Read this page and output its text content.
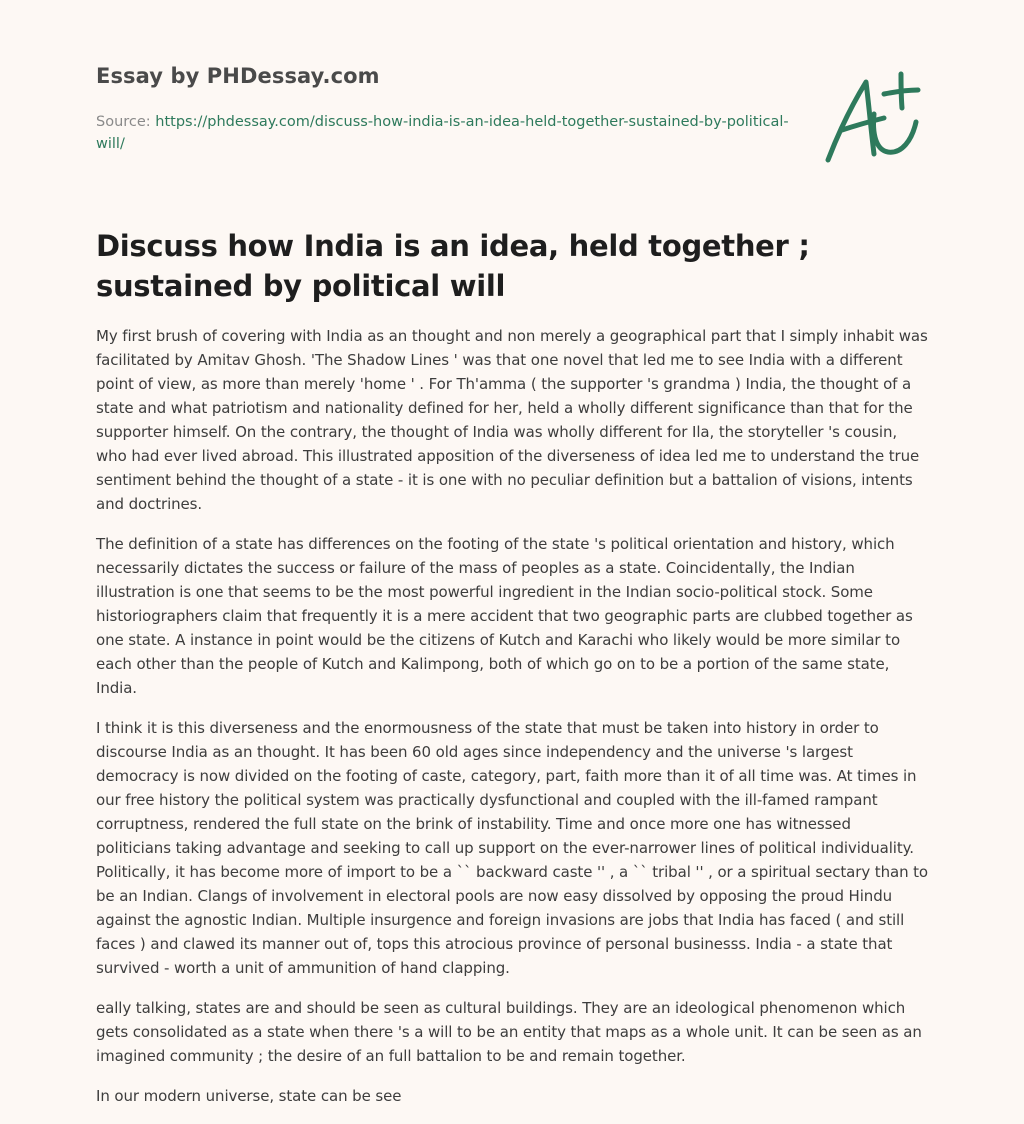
Essay by PHDessay.com
Source: https://phdessay.com/discuss-how-india-is-an-idea-held-together-sustained-by-political-will/
Discuss how India is an idea, held together ; sustained by political will

My first brush of covering with India as an thought and non merely a geographical part that I simply inhabit was facilitated by Amitav Ghosh. 'The Shadow Lines ' was that one novel that led me to see India with a different point of view, as more than merely 'home ' . For Th'amma ( the supporter 's grandma ) India, the thought of a state and what patriotism and nationality defined for her, held a wholly different significance than that for the supporter himself. On the contrary, the thought of India was wholly different for Ila, the storyteller 's cousin, who had ever lived abroad. This illustrated apposition of the diverseness of idea led me to understand the true sentiment behind the thought of a state - it is one with no peculiar definition but a battalion of visions, intents and doctrines.

The definition of a state has differences on the footing of the state 's political orientation and history, which necessarily dictates the success or failure of the mass of peoples as a state. Coincidentally, the Indian illustration is one that seems to be the most powerful ingredient in the Indian socio-political stock. Some historiographers claim that frequently it is a mere accident that two geographic parts are clubbed together as one state. A instance in point would be the citizens of Kutch and Karachi who likely would be more similar to each other than the people of Kutch and Kalimpong, both of which go on to be a portion of the same state, India.

I think it is this diverseness and the enormousness of the state that must be taken into history in order to discourse India as an thought. It has been 60 old ages since independency and the universe 's largest democracy is now divided on the footing of caste, category, part, faith more than it of all time was. At times in our free history the political system was practically dysfunctional and coupled with the ill-famed rampant corruptness, rendered the full state on the brink of instability. Time and once more one has witnessed politicians taking advantage and seeking to call up support on the ever-narrower lines of political individuality. Politically, it has become more of import to be a `` backward caste '' , a `` tribal '' , or a spiritual sectary than to be an Indian. Clangs of involvement in electoral pools are now easy dissolved by opposing the proud Hindu against the agnostic Indian. Multiple insurgence and foreign invasions are jobs that India has faced ( and still faces ) and clawed its manner out of, tops this atrocious province of personal businesss. India - a state that survived - worth a unit of ammunition of hand clapping.

eally talking, states are and should be seen as cultural buildings. They are an ideological phenomenon which gets consolidated as a state when there 's a will to be an entity that maps as a whole unit. It can be seen as an imagined community ; the desire of an full battalion to be and remain together.

In our modern universe, state can be see
